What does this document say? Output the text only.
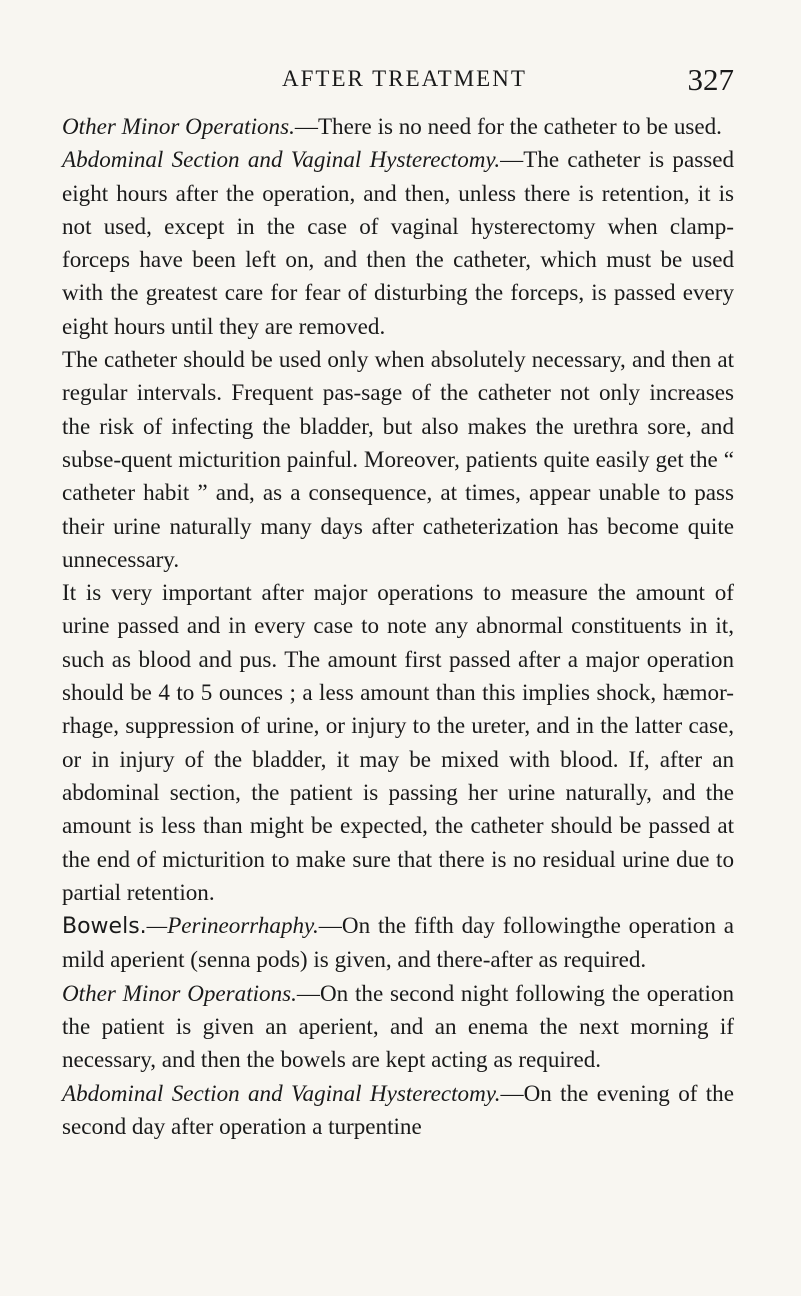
AFTER TREATMENT	327

Other Minor Operations.—There is no need for the catheter to be used.

Abdominal Section and Vaginal Hysterectomy.—The catheter is passed eight hours after the operation, and then, unless there is retention, it is not used, except in the case of vaginal hysterectomy when clamp-forceps have been left on, and then the catheter, which must be used with the greatest care for fear of disturbing the forceps, is passed every eight hours until they are removed.

The catheter should be used only when absolutely necessary, and then at regular intervals. Frequent pas-sage of the catheter not only increases the risk of infecting the bladder, but also makes the urethra sore, and subse-quent micturition painful. Moreover, patients quite easily get the “ catheter habit ” and, as a consequence, at times, appear unable to pass their urine naturally many days after catheterization has become quite unnecessary.

It is very important after major operations to measure the amount of urine passed and in every case to note any abnormal constituents in it, such as blood and pus. The amount first passed after a major operation should be 4 to 5 ounces ; a less amount than this implies shock, hæmor-rhage, suppression of urine, or injury to the ureter, and in the latter case, or in injury of the bladder, it may be mixed with blood. If, after an abdominal section, the patient is passing her urine naturally, and the amount is less than might be expected, the catheter should be passed at the end of micturition to make sure that there is no residual urine due to partial retention.

Bowels.—Perineorrhaphy.—On the fifth day followingthe operation a mild aperient (senna pods) is given, and there-after as required.

Other Minor Operations.—On the second night following the operation the patient is given an aperient, and an enema the next morning if necessary, and then the bowels are kept acting as required.

Abdominal Section and Vaginal Hysterectomy.—On the evening of the second day after operation a turpentine
